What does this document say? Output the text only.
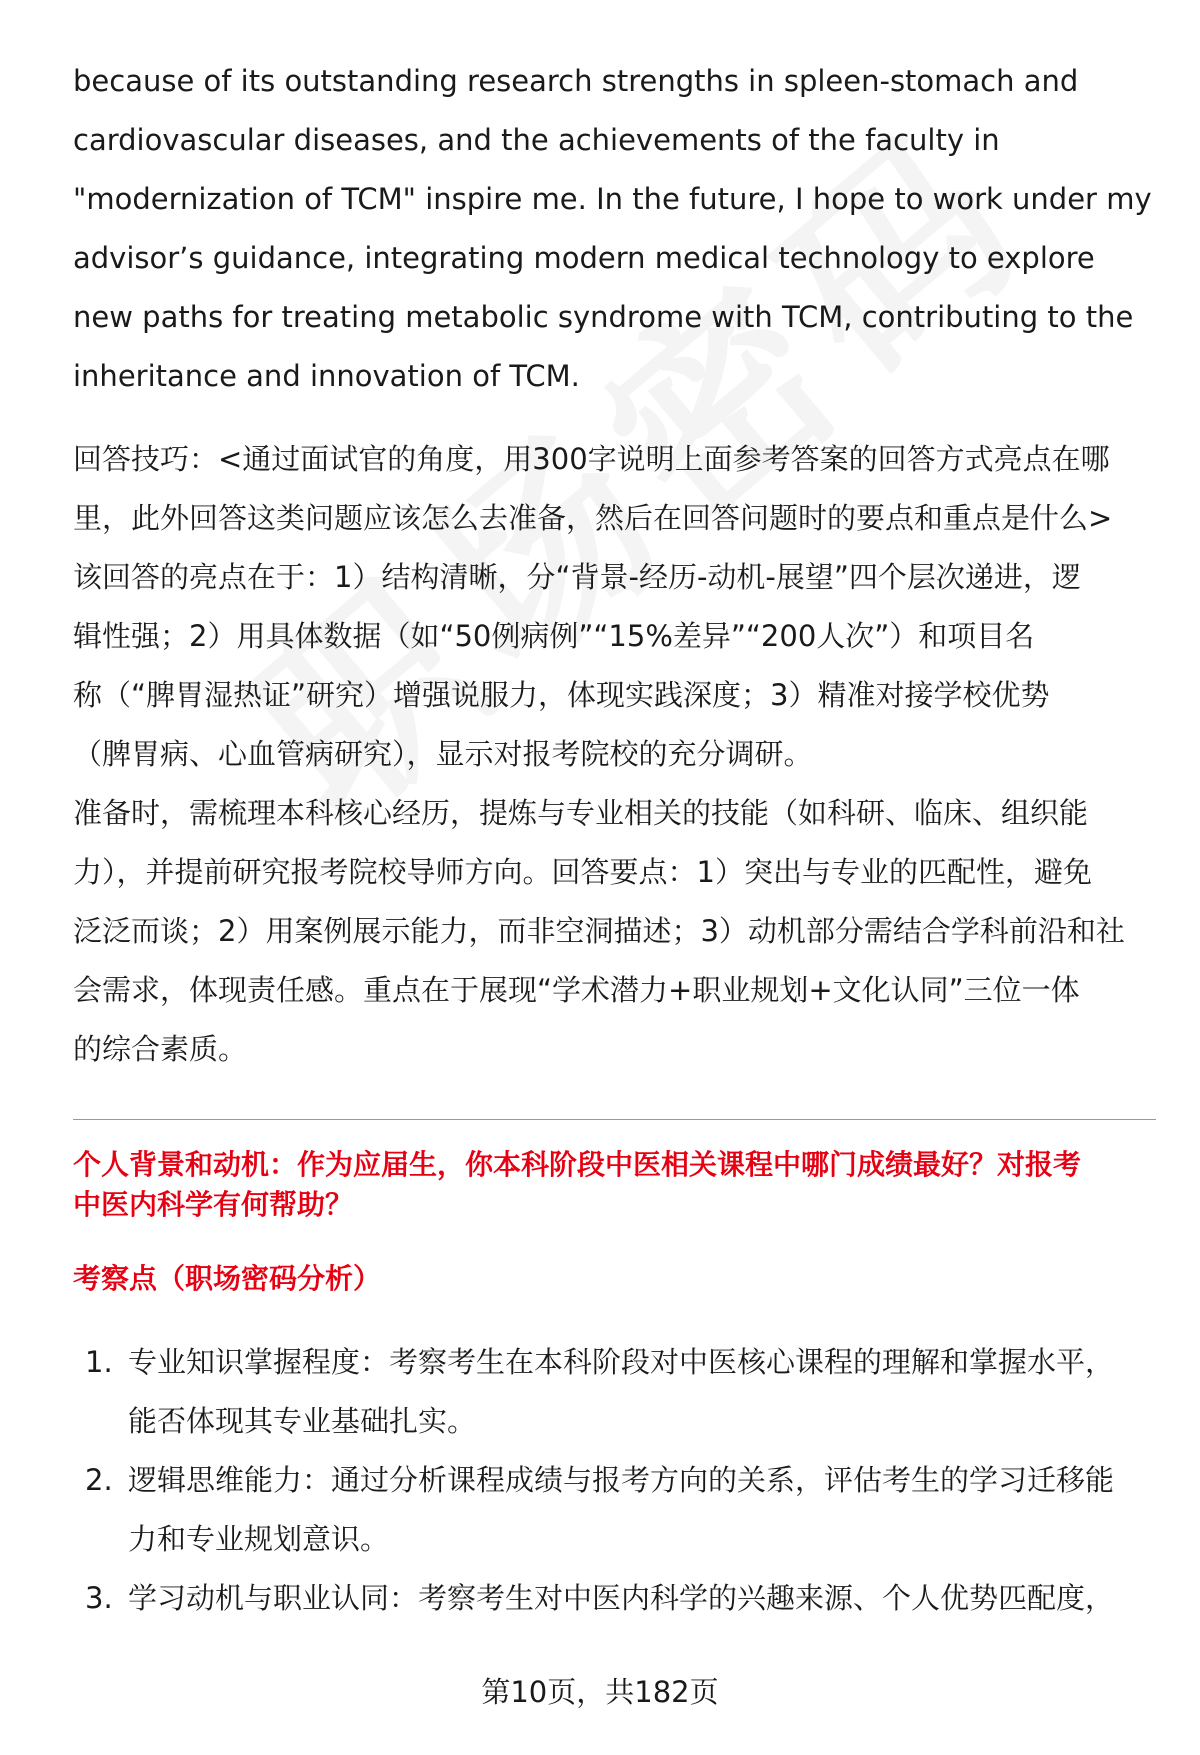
because of its outstanding research strengths in spleen-stomach and
cardiovascular diseases, and the achievements of the faculty in
"modernization of TCM" inspire me. In the future, I hope to work under my
advisor’s guidance, integrating modern medical technology to explore
new paths for treating metabolic syndrome with TCM, contributing to the
inheritance and innovation of TCM.
回答技巧：<通过面试官的角度，用300字说明上面参考答案的回答方式亮点在哪
里，此外回答这类问题应该怎么去准备，然后在回答问题时的要点和重点是什么>
该回答的亮点在于：1）结构清晰，分“背景-经历-动机-展望”四个层次递进，逻
辑性强；2）用具体数据（如“50例病例”“15%差异”“200人次”）和项目名
称（“脾胃湿热证”研究）增强说服力，体现实践深度；3）精准对接学校优势
（脾胃病、心血管病研究），显示对报考院校的充分调研。
准备时，需梳理本科核心经历，提炼与专业相关的技能（如科研、临床、组织能
力），并提前研究报考院校导师方向。回答要点：1）突出与专业的匹配性，避免
泛泛而谈；2）用案例展示能力，而非空洞描述；3）动机部分需结合学科前沿和社
会需求，体现责任感。重点在于展现“学术潜力+职业规划+文化认同”三位一体
的综合素质。
个人背景和动机：作为应届生，你本科阶段中医相关课程中哪门成绩最好？对报考
中医内科学有何帮助？
考察点（职场密码分析）
1. 专业知识掌握程度：考察考生在本科阶段对中医核心课程的理解和掌握水平，
能否体现其专业基础扎实。
2. 逻辑思维能力：通过分析课程成绩与报考方向的关系，评估考生的学习迁移能
力和专业规划意识。
3. 学习动机与职业认同：考察考生对中医内科学的兴趣来源、个人优势匹配度，
第10页，共182页
